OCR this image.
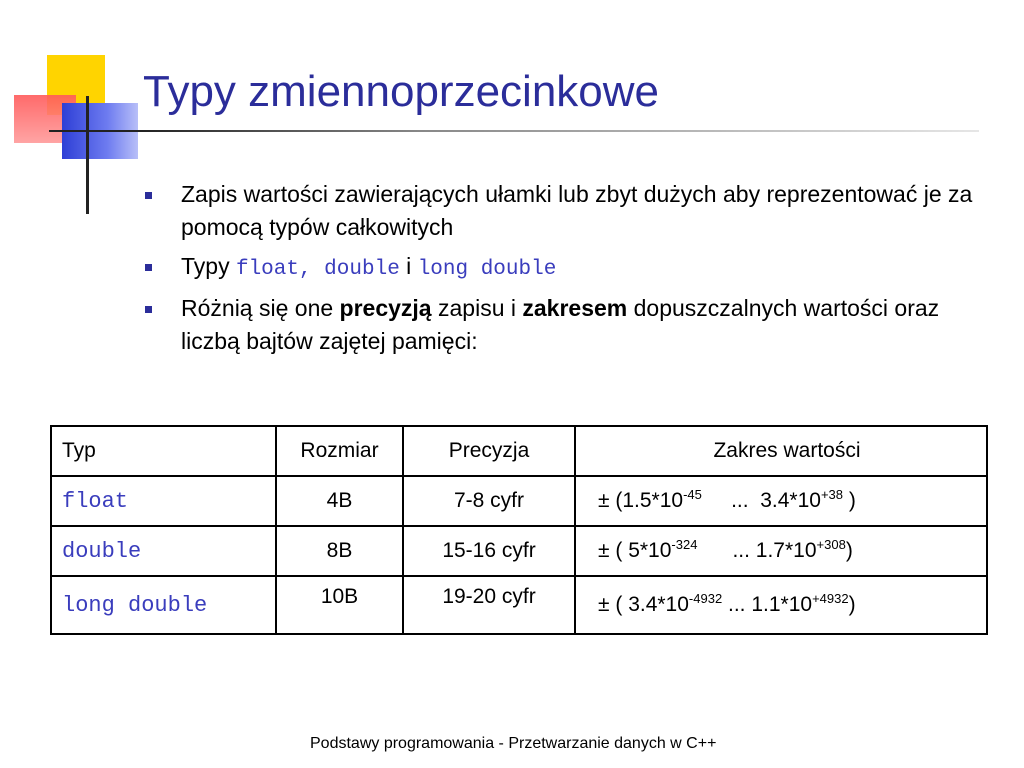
Typy zmiennoprzecinkowe
Zapis wartości zawierających ułamki lub zbyt dużych aby reprezentować je za pomocą typów całkowitych
Typy float, double i long double
Różnią się one precyzją zapisu i zakresem dopuszczalnych wartości oraz liczbą bajtów zajętej pamięci:
Typ	Rozmiar	Precyzja	Zakres wartości
float	4B	7-8 cyfr	± ($1.5*10^{-45}$     ...  $3.4*10^{+38}$ )
double	8B	15-16 cyfr	± ( $5*10^{-324}$      ... $1.7*10^{+308}$)
long double	10B	19-20 cyfr	± ( $3.4*10^{-4932}$ ... $1.1*10^{+4932}$)
Podstawy programowania - Przetwarzanie danych w C++
